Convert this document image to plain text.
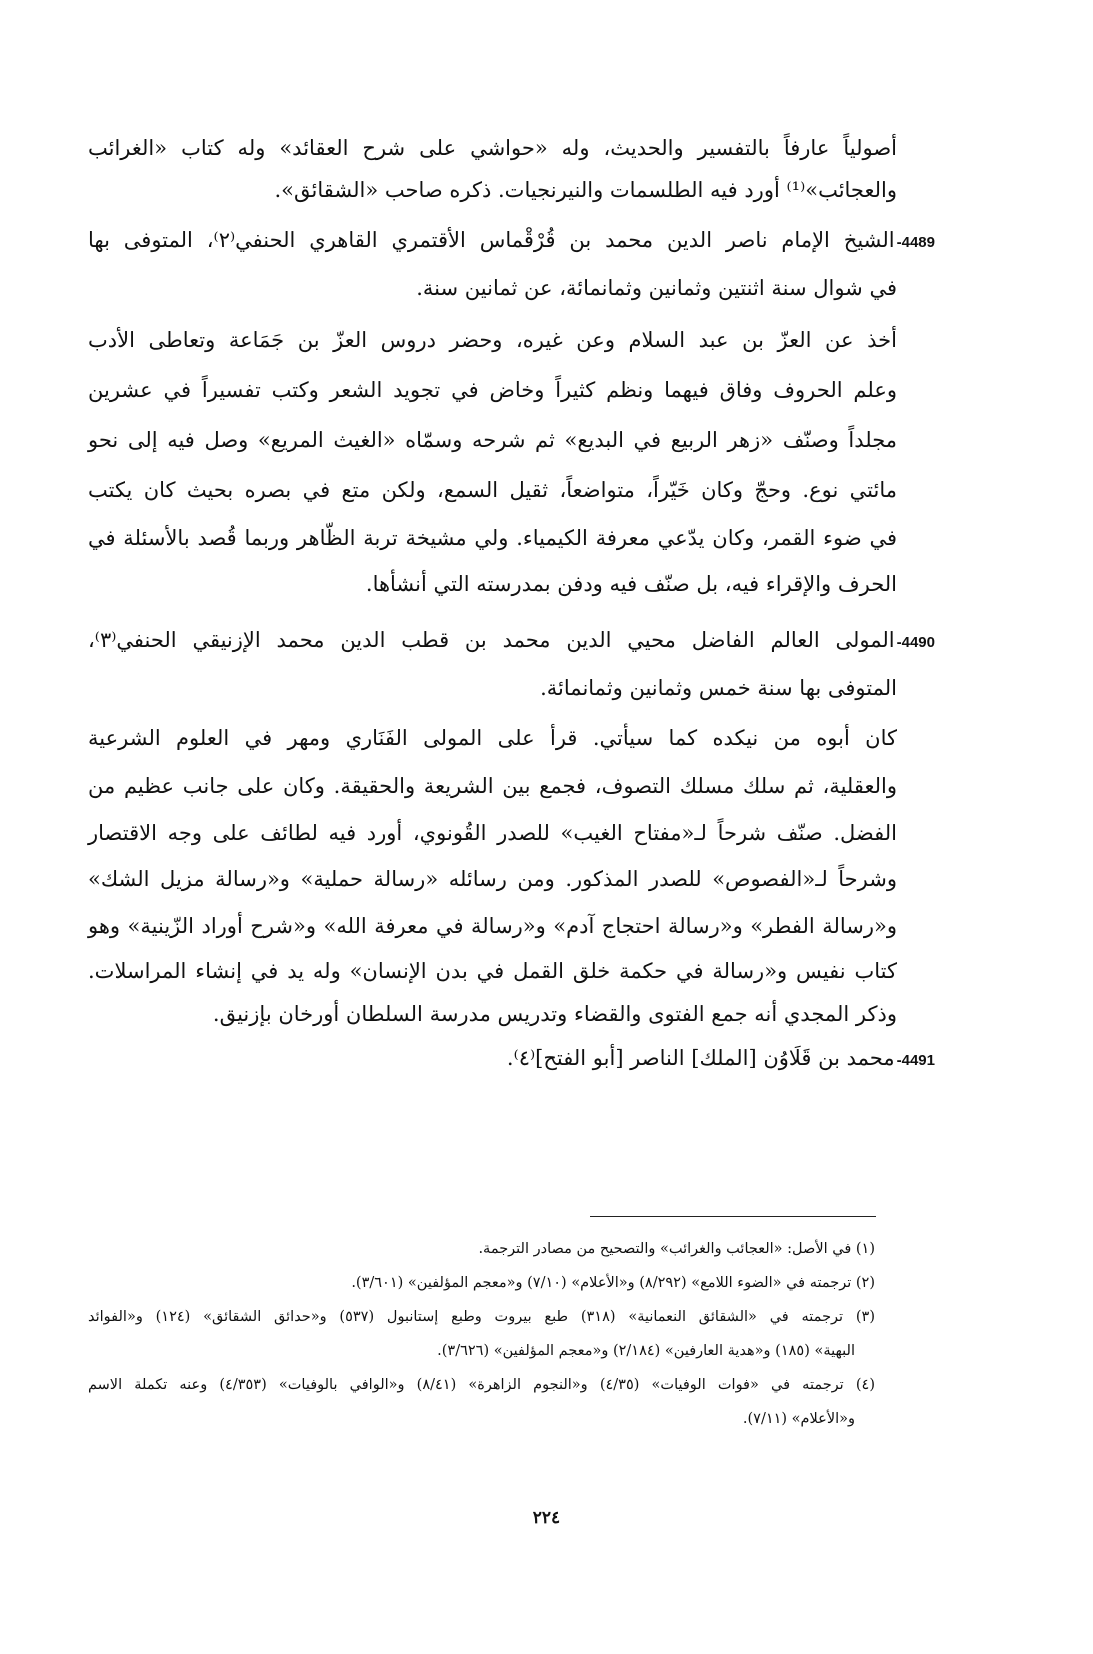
أصولياً عارفاً بالتفسير والحديث، وله «حواشي على شرح العقائد» وله كتاب «الغرائب
والعجائب»⁽¹⁾ أورد فيه الطلسمات والنيرنجيات. ذكره صاحب «الشقائق».
4489-الشيخ الإمام ناصر الدين محمد بن قُرْقْماس الأقتمري القاهري الحنفي⁽٢⁾، المتوفى بها
في شوال سنة اثنتين وثمانين وثمانمائة، عن ثمانين سنة.
أخذ عن العزّ بن عبد السلام وعن غيره، وحضر دروس العزّ بن جَمَاعة وتعاطى الأدب
وعلم الحروف وفاق فيهما ونظم كثيراً وخاض في تجويد الشعر وكتب تفسيراً في عشرين
مجلداً وصنّف «زهر الربيع في البديع» ثم شرحه وسمّاه «الغيث المريع» وصل فيه إلى نحو
مائتي نوع. وحجّ وكان خَيّراً، متواضعاً، ثقيل السمع، ولكن متع في بصره بحيث كان يكتب
في ضوء القمر، وكان يدّعي معرفة الكيمياء. ولي مشيخة تربة الظّاهر وربما قُصد بالأسئلة في
الحرف والإقراء فيه، بل صنّف فيه ودفن بمدرسته التي أنشأها.
4490-المولى العالم الفاضل محيي الدين محمد بن قطب الدين محمد الإزنيقي الحنفي⁽٣⁾،
المتوفى بها سنة خمس وثمانين وثمانمائة.
كان أبوه من نيكده كما سيأتي. قرأ على المولى الفَنَاري ومهر في العلوم الشرعية
والعقلية، ثم سلك مسلك التصوف، فجمع بين الشريعة والحقيقة. وكان على جانب عظيم من
الفضل. صنّف شرحاً لـ«مفتاح الغيب» للصدر القُونوي، أورد فيه لطائف على وجه الاقتصار
وشرحاً لـ«الفصوص» للصدر المذكور. ومن رسائله «رسالة حملية» و«رسالة مزيل الشك»
و«رسالة الفطر» و«رسالة احتجاج آدم» و«رسالة في معرفة الله» و«شرح أوراد الزّينية» وهو
كتاب نفيس و«رسالة في حكمة خلق القمل في بدن الإنسان» وله يد في إنشاء المراسلات.
وذكر المجدي أنه جمع الفتوى والقضاء وتدريس مدرسة السلطان أورخان بإزنيق.
4491-محمد بن قَلَاوُن [الملك] الناصر [أبو الفتح]⁽٤⁾.
(١) في الأصل: «العجائب والغرائب» والتصحيح من مصادر الترجمة.
(٢) ترجمته في «الضوء اللامع» (٨/٢٩٢) و«الأعلام» (٧/١٠) و«معجم المؤلفين» (٣/٦٠١).
(٣) ترجمته في «الشقائق النعمانية» (٣١٨) طبع بيروت وطبع إستانبول (٥٣٧) و«حدائق الشقائق» (١٢٤) و«الفوائد
البهية» (١٨٥) و«هدية العارفين» (٢/١٨٤) و«معجم المؤلفين» (٣/٦٢٦).
(٤) ترجمته في «فوات الوفيات» (٤/٣٥) و«النجوم الزاهرة» (٨/٤١) و«الوافي بالوفيات» (٤/٣٥٣) وعنه تكملة الاسم
و«الأعلام» (٧/١١).
٢٢٤
